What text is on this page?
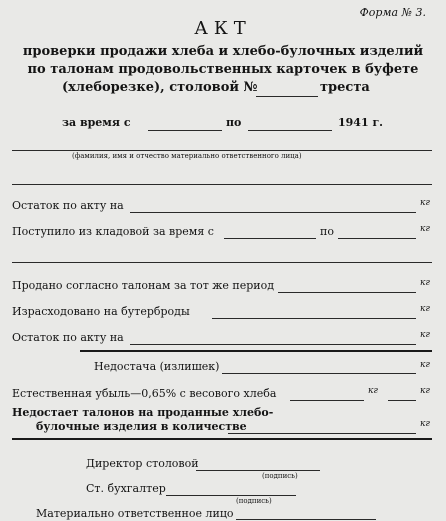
Форма № 3.
АКТ
проверки продажи хлеба и хлебо-булочных изделий
по талонам продовольственных карточек в буфете
(хлеборезке), столовой №	треста
за время с	по	1941 г.
(фамилия, имя и отчество материально ответственного лица)
Остаток по акту на	кг
Поступило из кладовой за время с	по	кг
Продано согласно талонам за тот же период	кг
Израсходовано на бутерброды	кг
Остаток по акту на	кг
Недостача (излишек)	кг
Естественная убыль—0,65% с весового хлеба	кг	кг
Недостает талонов на проданные хлебо-
булочные изделия в количестве	кг
Директор столовой
(подпись)
Ст. бухгалтер
(подпись)
Материально ответственное лицо
